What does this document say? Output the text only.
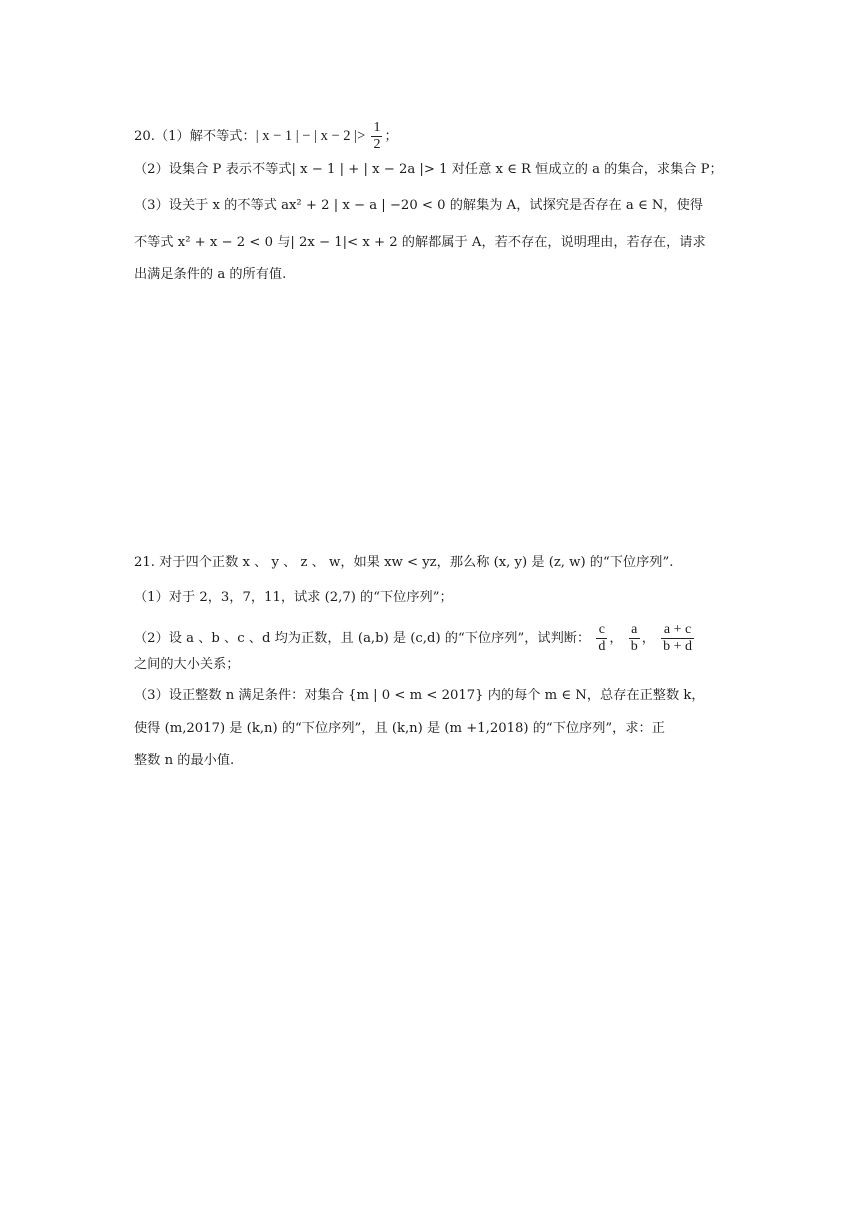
20.（1）解不等式：| x − 1 | − | x − 2 |> $\frac{1}{2}$ ；
（2）设集合 P 表示不等式| x − 1 | + | x − 2a |> 1 对任意 x ∈ R 恒成立的 a 的集合，求集合 P；
（3）设关于 x 的不等式 ax² + 2 | x − a | −20 < 0 的解集为 A，试探究是否存在 a ∈ N，使得
不等式 x² + x − 2 < 0 与| 2x − 1|< x + 2 的解都属于 A，若不存在，说明理由，若存在，请求
出满足条件的 a 的所有值.
21. 对于四个正数 x 、 y 、 z 、 w，如果 xw < yz，那么称 (x, y) 是 (z, w) 的“下位序列”.
（1）对于 2，3，7，11，试求 (2,7) 的“下位序列”；
（2）设 a 、b 、c 、d 均为正数，且 (a,b) 是 (c,d) 的“下位序列”，试判断： $\frac{c}{d}$ ， $\frac{a}{b}$ ， $\frac{a + c}{b + d}$
之间的大小关系；
（3）设正整数 n 满足条件：对集合 {m | 0 < m < 2017} 内的每个 m ∈ N，总存在正整数 k，
使得 (m,2017) 是 (k,n) 的“下位序列”，且 (k,n) 是 (m +1,2018) 的“下位序列”，求：正
整数 n 的最小值.
